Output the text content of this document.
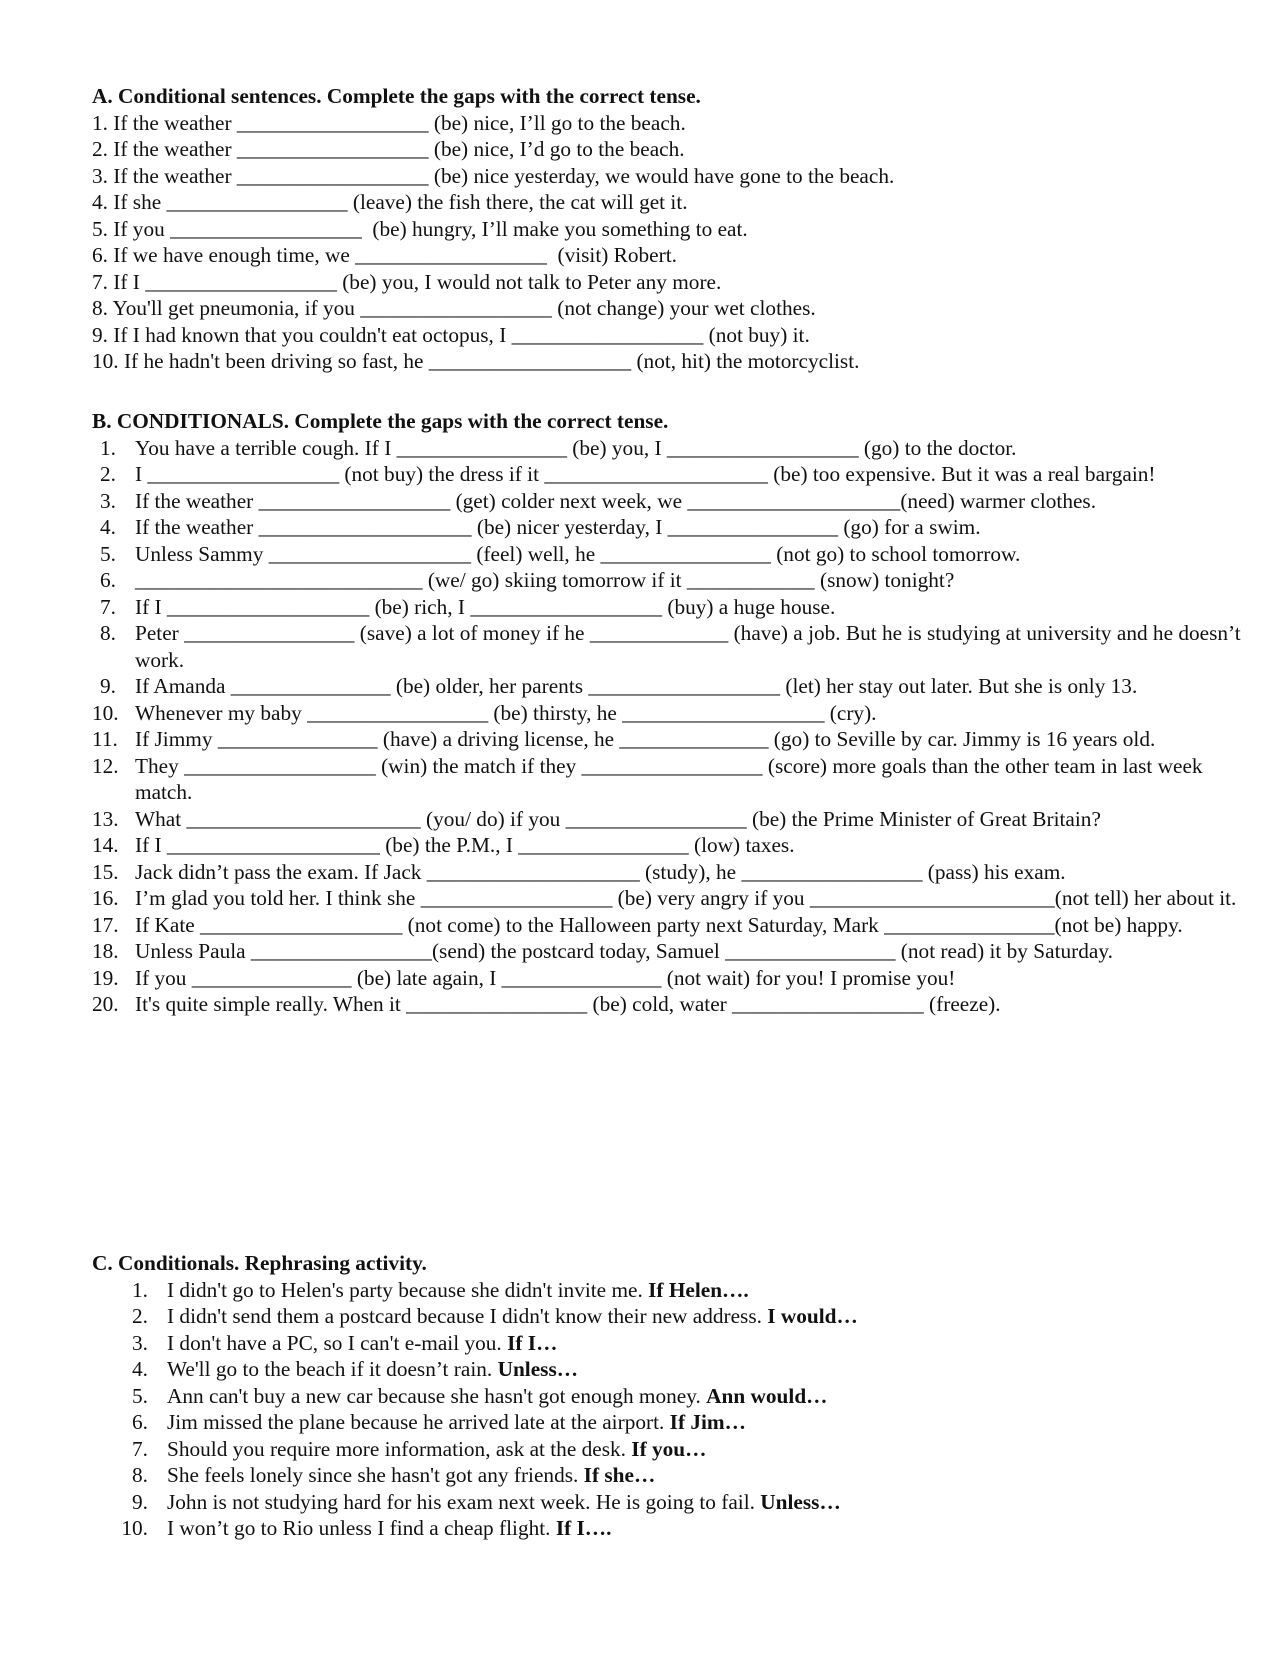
A. Conditional sentences. Complete the gaps with the correct tense.
1. If the weather __________________ (be) nice, I’ll go to the beach.
2. If the weather __________________ (be) nice, I’d go to the beach.
3. If the weather __________________ (be) nice yesterday, we would have gone to the beach.
4. If she _________________ (leave) the fish there, the cat will get it.
5. If you __________________  (be) hungry, I’ll make you something to eat.
6. If we have enough time, we __________________  (visit) Robert.
7. If I __________________ (be) you, I would not talk to Peter any more.
8. You'll get pneumonia, if you __________________ (not change) your wet clothes.
9. If I had known that you couldn't eat octopus, I __________________ (not buy) it.
10. If he hadn't been driving so fast, he ___________________ (not, hit) the motorcyclist.
B. CONDITIONALS. Complete the gaps with the correct tense.
1. You have a terrible cough. If I ________________ (be) you, I __________________ (go) to the doctor.
2. I __________________ (not buy) the dress if it _____________________ (be) too expensive. But it was a real bargain!
3. If the weather __________________ (get) colder next week, we ____________________(need) warmer clothes.
4. If the weather ____________________ (be) nicer yesterday, I ________________ (go) for a swim.
5. Unless Sammy ___________________ (feel) well, he ________________ (not go) to school tomorrow.
6. ___________________________ (we/ go) skiing tomorrow if it ____________ (snow) tonight?
7. If I ___________________ (be) rich, I __________________ (buy) a huge house.
8. Peter ________________ (save) a lot of money if he _____________ (have) a job. But he is studying at university and he doesn’t work.
9. If Amanda _______________ (be) older, her parents __________________ (let) her stay out later. But she is only 13.
10. Whenever my baby _________________ (be) thirsty, he ___________________ (cry).
11. If Jimmy _______________ (have) a driving license, he ______________ (go) to Seville by car. Jimmy is 16 years old.
12. They __________________ (win) the match if they _________________ (score) more goals than the other team in last week match.
13. What ______________________ (you/ do) if you _________________ (be) the Prime Minister of Great Britain?
14. If I ____________________ (be) the P.M., I ________________ (low) taxes.
15. Jack didn’t pass the exam. If Jack ____________________ (study), he _________________ (pass) his exam.
16. I’m glad you told her. I think she __________________ (be) very angry if you _______________________(not tell) her about it.
17. If Kate ___________________ (not come) to the Halloween party next Saturday, Mark ________________(not be) happy.
18. Unless Paula _________________(send) the postcard today, Samuel ________________ (not read) it by Saturday.
19. If you _______________ (be) late again, I _______________ (not wait) for you! I promise you!
20. It's quite simple really. When it _________________ (be) cold, water __________________ (freeze).
C. Conditionals. Rephrasing activity.
1. I didn't go to Helen's party because she didn't invite me. If Helen….
2. I didn't send them a postcard because I didn't know their new address. I would…
3. I don't have a PC, so I can't e-mail you. If I…
4. We'll go to the beach if it doesn’t rain. Unless…
5. Ann can't buy a new car because she hasn't got enough money. Ann would…
6. Jim missed the plane because he arrived late at the airport. If Jim…
7. Should you require more information, ask at the desk. If you…
8. She feels lonely since she hasn't got any friends. If she…
9. John is not studying hard for his exam next week. He is going to fail. Unless…
10. I won’t go to Rio unless I find a cheap flight. If I….
